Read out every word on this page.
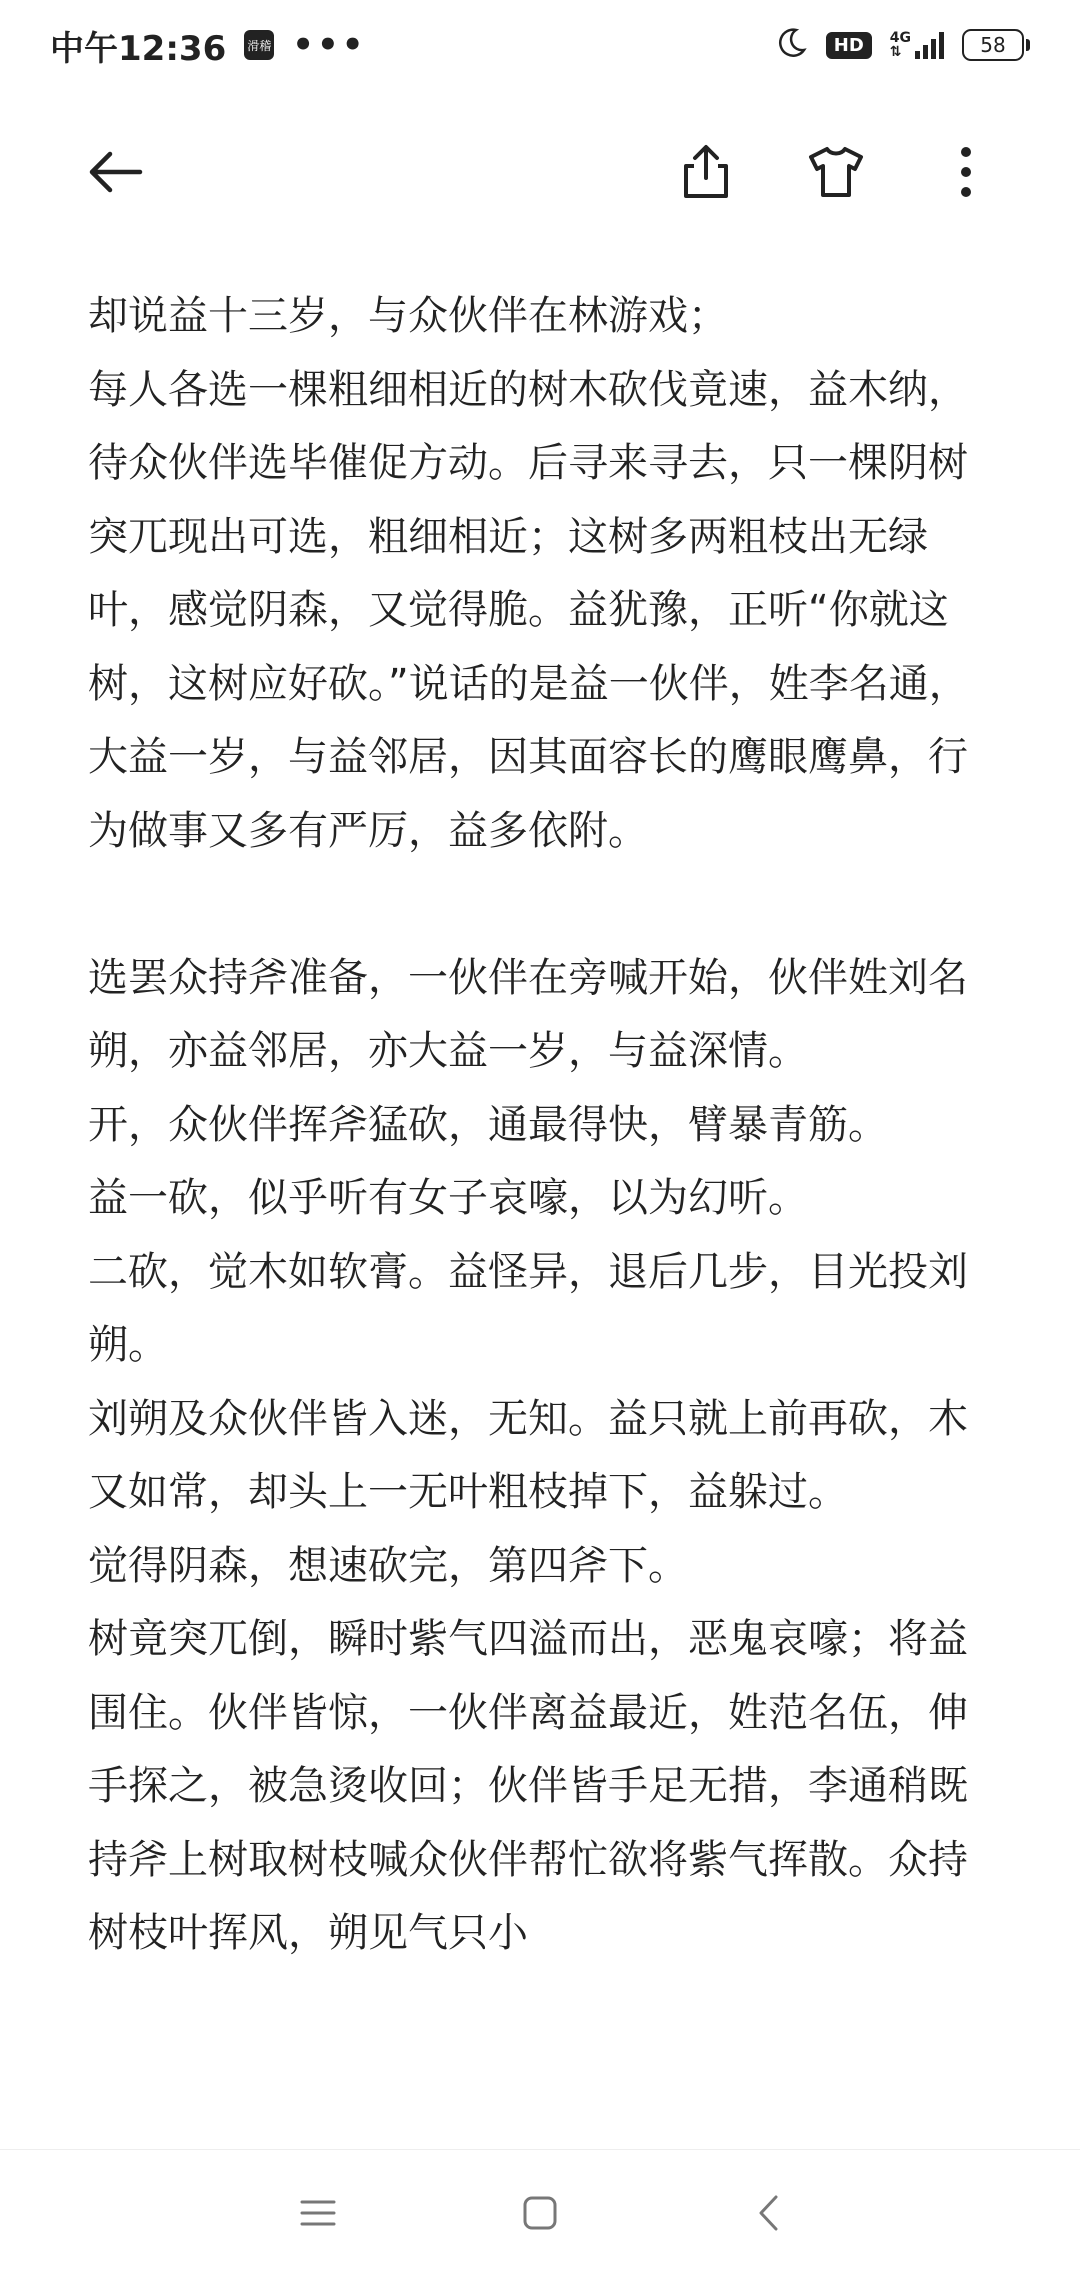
中午12:36 滑稽 •••	HD	4G
⇅	58

却说益十三岁，与众伙伴在林游戏；

每人各选一棵粗细相近的树木砍伐竟速，益木纳，待众伙伴选毕催促方动。后寻来寻去，只一棵阴树突兀现出可选，粗细相近；这树多两粗枝出无绿叶，感觉阴森，又觉得脆。益犹豫，正听“你就这树，这树应好砍。”说话的是益一伙伴，姓李名通，大益一岁，与益邻居，因其面容长的鹰眼鹰鼻，行为做事又多有严厉，益多依附。

选罢众持斧准备，一伙伴在旁喊开始，伙伴姓刘名朔，亦益邻居，亦大益一岁，与益深情。

开，众伙伴挥斧猛砍，通最得快，臂暴青筋。

益一砍，似乎听有女子哀嚎，以为幻听。

二砍，觉木如软膏。益怪异，退后几步，目光投刘朔。

刘朔及众伙伴皆入迷，无知。益只就上前再砍，木又如常，却头上一无叶粗枝掉下，益躲过。

觉得阴森，想速砍完，第四斧下。

树竟突兀倒，瞬时紫气四溢而出，恶鬼哀嚎；将益围住。伙伴皆惊，一伙伴离益最近，姓范名伍，伸手探之，被急烫收回；伙伴皆手足无措，李通稍既持斧上树取树枝喊众伙伴帮忙欲将紫气挥散。众持树枝叶挥风，朔见气只小
